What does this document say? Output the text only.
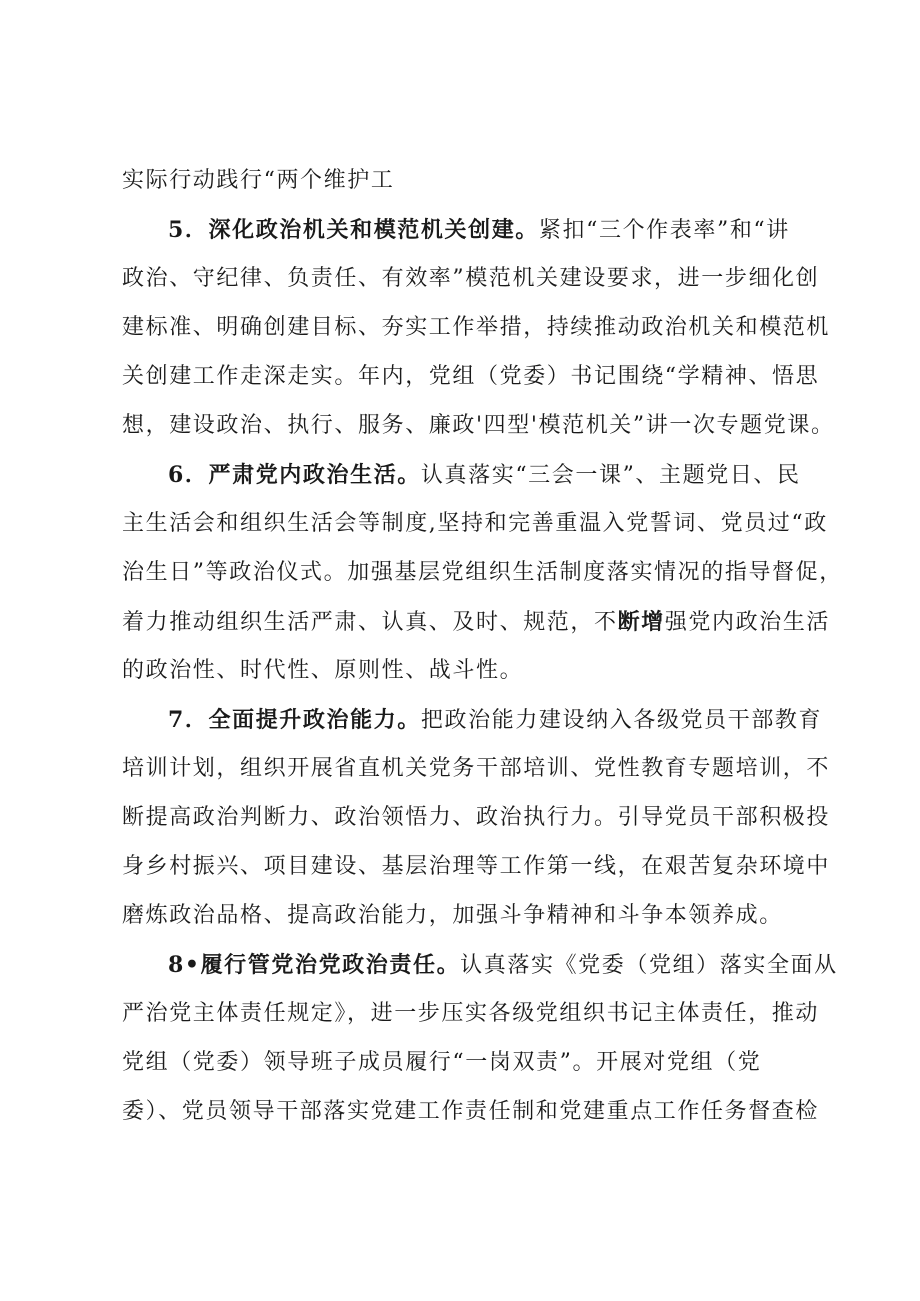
实际行动践行“两个维护工
5．深化政治机关和模范机关创建。紧扣“三个作表率”和“讲
政治、守纪律、负责任、有效率”模范机关建设要求，进一步细化创
建标准、明确创建目标、夯实工作举措，持续推动政治机关和模范机
关创建工作走深走实。年内，党组（党委）书记围绕“学精神、悟思
想，建设政治、执行、服务、廉政'四型'模范机关”讲一次专题党课。
6．严肃党内政治生活。认真落实“三会一课”、主题党日、民
主生活会和组织生活会等制度,坚持和完善重温入党誓词、党员过“政
治生日”等政治仪式。加强基层党组织生活制度落实情况的指导督促，
着力推动组织生活严肃、认真、及时、规范，不断增强党内政治生活
的政治性、时代性、原则性、战斗性。
7．全面提升政治能力。把政治能力建设纳入各级党员干部教育
培训计划，组织开展省直机关党务干部培训、党性教育专题培训，不
断提高政治判断力、政治领悟力、政治执行力。引导党员干部积极投
身乡村振兴、项目建设、基层治理等工作第一线，在艰苦复杂环境中
磨炼政治品格、提高政治能力，加强斗争精神和斗争本领养成。
8•履行管党治党政治责任。认真落实《党委（党组）落实全面从
严治党主体责任规定》，进一步压实各级党组织书记主体责任，推动
党组（党委）领导班子成员履行“一岗双责”。开展对党组（党
委）、党员领导干部落实党建工作责任制和党建重点工作任务督查检
